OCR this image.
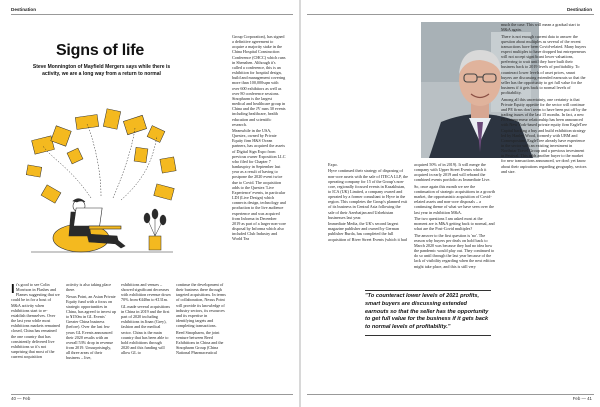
Destination
Signs of life

Steve Monnington of Mayfield Mergers says while there is activity, we are a long way from a return to normal

It's good to see Colin Morrison in Flashes and Flames suggesting that we could be in for a bout of M&A activity when exhibitions start to re-establish themselves. Over the last year while most exhibitions markets remained closed, China has remained the one country that has consistently delivered live exhibitions so it's not surprising that most of the current acquisition

activity is also taking place there.

Nexus Point, an Asian Private Equity fund with a focus on strategic opportunities in China, has agreed to invest up to ¥150m in GL Events' Greater China business (before). Over the last few years GL Events announced their 2020 results with an overall 53% drop in revenue from 2019. Unsurprisingly, all three areas of their business – live,

exhibitions and venues – showed significant decreases with exhibition revenue down 70% from €440m to €131m.

GL made several acquisitions in China in 2019 and the first part of 2020 including exhibitions in Jinan (Grey), fashion and the medical sector. China is the main country that has been able to hold exhibitions through 2020 and this funding will allow GL to

continue the development of their business there through targeted acquisitions. In terms of collaboration, Nexus Point will provide its knowledge of industry sectors, its resources and its expertise in identifying targets and completing transactions.

Reed Sinopharm, the joint venture between Reed Exhibitions in China and the Sinopharm Group (China National Pharmaceutical

Group Corporation), has signed a definitive agreement to acquire a majority stake in the China Hospital Construction Conference (CHCC) which runs in Shenzhen. Although it's called a conference, this is an exhibition for hospital design, build and management covering more than 100,000sqm with over 600 exhibitors as well as over 80 conference sessions. Sinopharm is the largest medical and healthcare group in China and the JV runs 30 events including healthcare, health education and scientific research.

Meanwhile in the USA, Questex, owned by Private Equity firm H&S Ocean partners, has acquired the assets of Digital Sign Expo from previous owner Exposition LLC who filed for Chapter 7 bankruptcy in September last year as a result of having to postpone the 2020 event twice due to Covid. The acquisition adds to the Questex 'Live Experience' events, in particular LDI (Live Design) which connects design, technology and production to the live audience experience and was acquired from Informa in December 2019 as part of a larger non-core disposal by Informa which also included Club Industry and World Tea

40 — Feb
Destination

Expo.

Hyve continued their strategy of disposing of non-core assets with the sale of ITECA LLP, the operating company for 15 of the Group's non-core, regionally focused events in Kazakhstan, to ICA (UK) Limited, a company owned and operated by a former consultant to Hyve in the region. This completes the Group's planned exit of its business in Central Asia following the sale of their Azerbaijan and Uzbekistan businesses last year.

Immediate Media, the UK's second largest magazine publisher and owned by German publisher Burda, has completed the full acquisition of River Street Events (which it had

acquired 50% of in 2019). It will merge the company with Upper Street Events which it acquired in early 2019 and will rebrand the combined events portfolio as Immediate Live.

So, once again this month we see the continuation of strategic acquisitions in a growth market, the opportunistic acquisition of Covid-related assets and non-core disposals – a continuing theme of what we have seen over the last year in exhibition M&A.

The two questions I am asked most at the moment are is M&A getting back to normal, and what are the Post-Covid multiples?

The answer to the first question is 'no'. The reason why buyers per deals on hold back to March 2020 was because they had no idea how the pandemic would play out. They continued to do so until through the last year because of the lack of visibility regarding when the next edition might take place, and this is still very

much the case. This will mean a gradual start to M&A again.

There is not enough current data to answer the question about multiples as several of the recent transactions have been Covid-related. Many buyers expect multiples to have dropped but entrepreneurs will not accept significant lower valuations, preferring to wait until they have built their business back to 2019 levels of profitability. To counteract lower levels of asset prices, smart buyers are discussing extended earnouts so that the seller has the opportunity to get full value for the business if it gets back to normal levels of profitability.

Among all this uncertainty, one certainty is that Private Equity appetite for the sector will continue and PE firms don't seem to have been put off by the trading issues of the last 15 months. In fact, a new PE/entrepreneur relationship has been announced with New York-based private equity firm EagleTree Capital backing a buy and build exhibition strategy led by Hanley Wood, formerly with UBM and Comexposium. EagleTree already have experience in the sector with an existing investment in Northstar Travel Group and a previous investment in Festival. This adds another buyer to the market for new transactions announced, we don't yet know about their aspirations regarding geography, sectors and size.

"To counteract lower levels of 2021 profits, smart buyers are discussing extended earnouts so that the seller has the opportunity to get full value for the business if it gets back to normal levels of profitability."

Feb — 41
